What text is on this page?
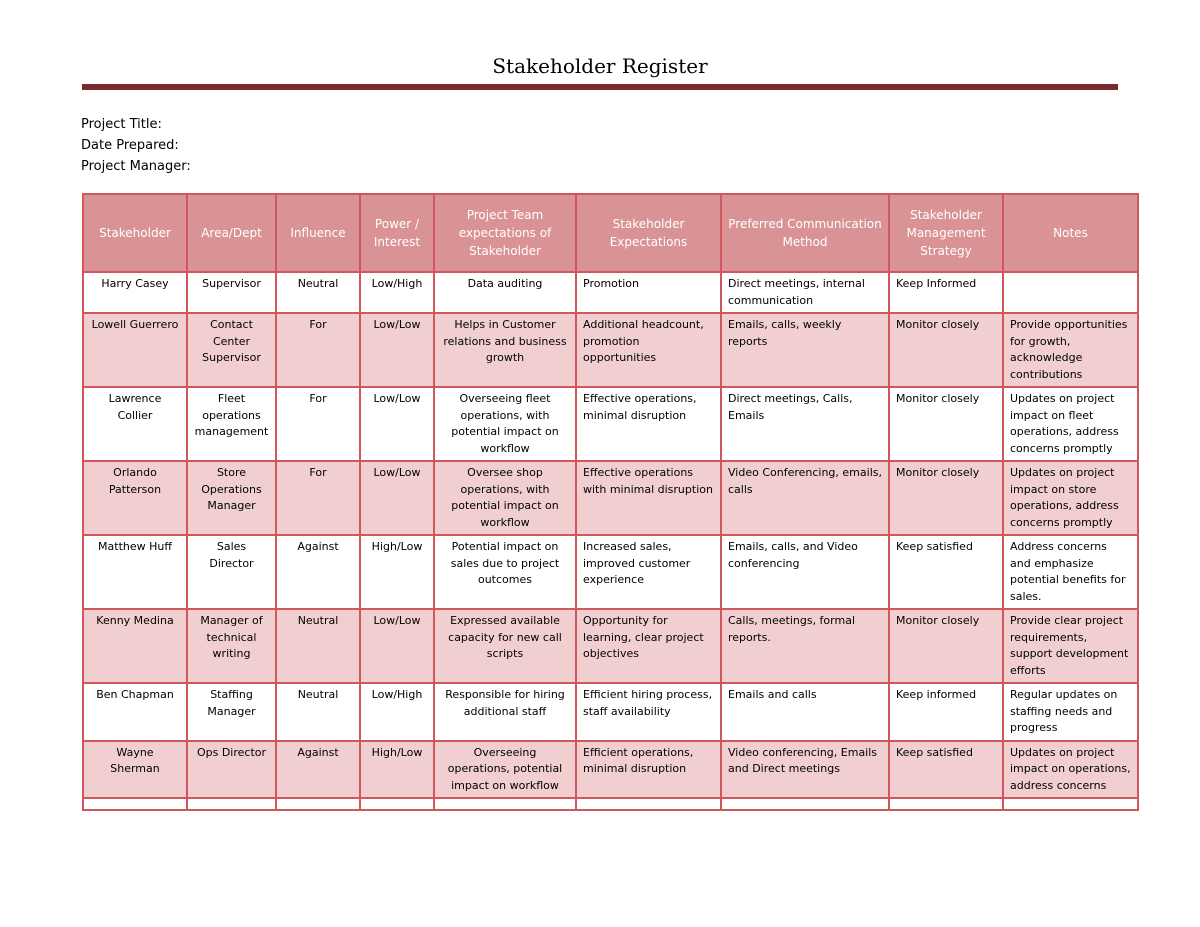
Stakeholder Register
Project Title:
Date Prepared:
Project Manager:
Stakeholder	Area/Dept	Influence	Power / Interest	Project Team expectations of Stakeholder	Stakeholder Expectations	Preferred Communication Method	Stakeholder Management Strategy	Notes
Harry Casey	Supervisor	Neutral	Low/High	Data auditing	Promotion	Direct meetings, internal communication	Keep Informed	
Lowell Guerrero	Contact Center Supervisor	For	Low/Low	Helps in Customer relations and business growth	Additional headcount, promotion opportunities	Emails, calls, weekly reports	Monitor closely	Provide opportunities for growth, acknowledge contributions
Lawrence Collier	Fleet operations management	For	Low/Low	Overseeing fleet operations, with potential impact on workflow	Effective operations, minimal disruption	Direct meetings, Calls, Emails	Monitor closely	Updates on project impact on fleet operations, address concerns promptly
Orlando Patterson	Store Operations Manager	For	Low/Low	Oversee shop operations, with potential impact on workflow	Effective operations with minimal disruption	Video Conferencing, emails, calls	Monitor closely	Updates on project impact on store operations, address concerns promptly
Matthew Huff	Sales Director	Against	High/Low	Potential impact on sales due to project outcomes	Increased sales, improved customer experience	Emails, calls, and Video conferencing	Keep satisfied	Address concerns and emphasize potential benefits for sales.
Kenny Medina	Manager of technical writing	Neutral	Low/Low	Expressed available capacity for new call scripts	Opportunity for learning, clear project objectives	Calls, meetings, formal reports.	Monitor closely	Provide clear project requirements, support development efforts
Ben Chapman	Staffing Manager	Neutral	Low/High	Responsible for hiring additional staff	Efficient hiring process, staff availability	Emails and calls	Keep informed	Regular updates on staffing needs and progress
Wayne Sherman	Ops Director	Against	High/Low	Overseeing operations, potential impact on workflow	Efficient operations, minimal disruption	Video conferencing, Emails and Direct meetings	Keep satisfied	Updates on project impact on operations, address concerns
